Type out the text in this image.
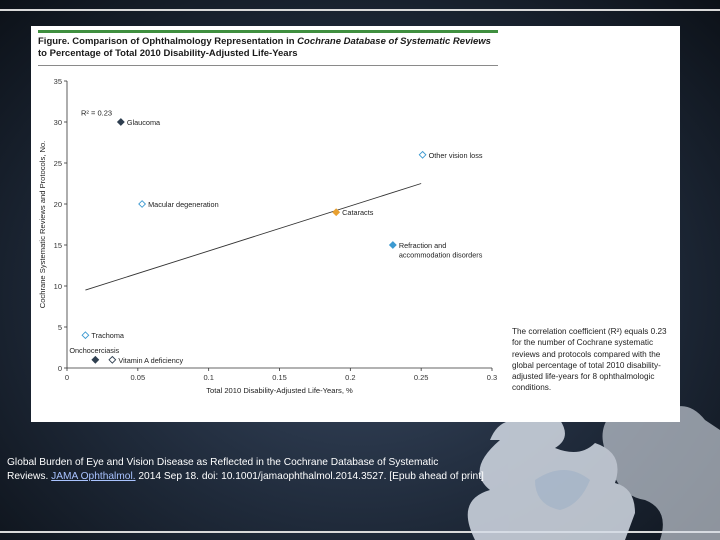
Figure. Comparison of Ophthalmology Representation in Cochrane Database of Systematic Reviews
to Percentage of Total 2010 Disability-Adjusted Life-Years
0
5
10
15
20
25
30
35
0	0.05	0.1	0.15	0.2	0.25	0.3
Total 2010 Disability-Adjusted Life-Years, %
Cochrane Systematic Reviews and Protocols, No.
R² = 0.23
Glaucoma
Other vision loss
Macular degeneration
Cataracts
Refraction and
accommodation disorders
Trachoma
Onchocerciasis
Vitamin A deficiency
The correlation coefficient (R²) equals 0.23 for the number of Cochrane systematic reviews and protocols compared with the global percentage of total 2010 disability-adjusted life-years for 8 ophthalmologic conditions.
Global Burden of Eye and Vision Disease as Reflected in the Cochrane Database of Systematic
Reviews. JAMA Ophthalmol. 2014 Sep 18. doi: 10.1001/jamaophthalmol.2014.3527. [Epub ahead of print]
